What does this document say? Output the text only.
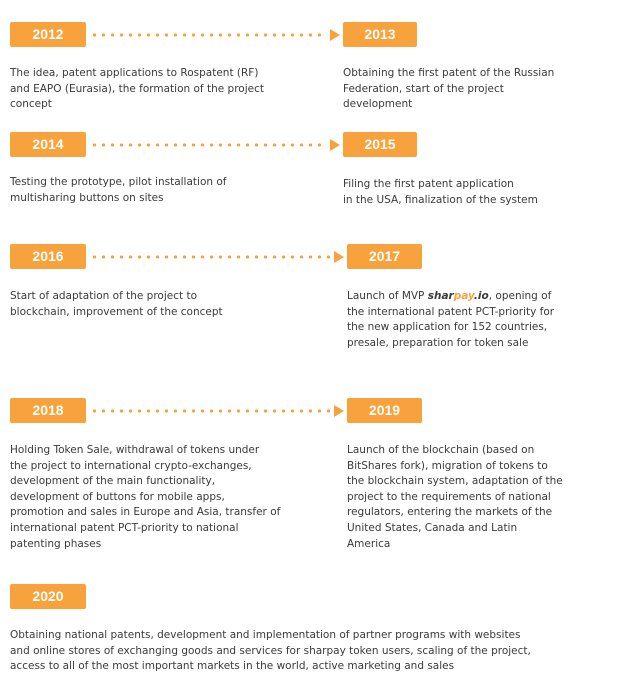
2012	2013
The idea, patent applications to Rospatent (RF)
and EAPO (Eurasia), the formation of the project
concept
Obtaining the first patent of the Russian
Federation, start of the project
development
2014	2015
Testing the prototype, pilot installation of
multisharing buttons on sites
Filing the first patent application
in the USA, finalization of the system
2016	2017
Start of adaptation of the project to
blockchain, improvement of the concept
Launch of MVP sharpay.io, opening of
the international patent PCT-priority for
the new application for 152 countries,
presale, preparation for token sale
2018	2019
Holding Token Sale, withdrawal of tokens under
the project to international crypto-exchanges,
development of the main functionality,
development of buttons for mobile apps,
promotion and sales in Europe and Asia, transfer of
international patent PCT-priority to national
patenting phases
Launch of the blockchain (based on
BitShares fork), migration of tokens to
the blockchain system, adaptation of the
project to the requirements of national
regulators, entering the markets of the
United States, Canada and Latin
America
2020
Obtaining national patents, development and implementation of partner programs with websites
and online stores of exchanging goods and services for sharpay token users, scaling of the project,
access to all of the most important markets in the world, active marketing and sales
